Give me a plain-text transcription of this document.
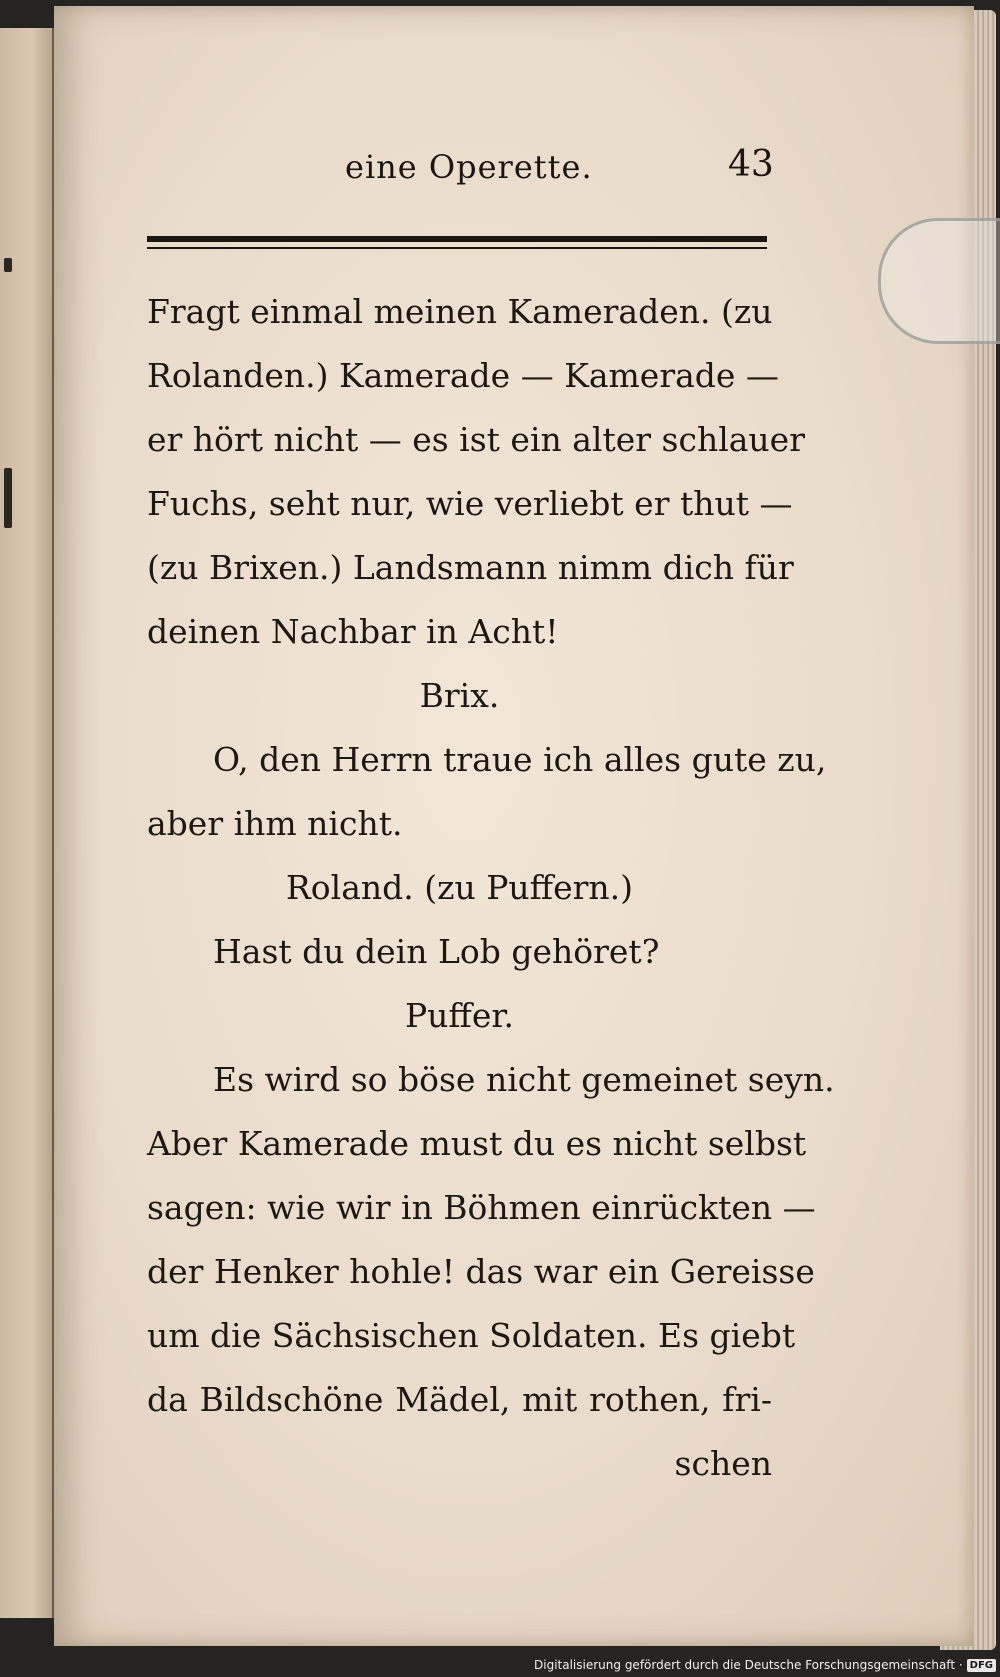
eine Operette.	43
Fragt einmal meinen Kameraden. (zu
Rolanden.) Kamerade — Kamerade —
er hört nicht — es ist ein alter schlauer
Fuchs, seht nur, wie verliebt er thut —
(zu Brixen.) Landsmann nimm dich für
deinen Nachbar in Acht!
Brix.
O, den Herrn traue ich alles gute zu,
aber ihm nicht.
Roland. (zu Puffern.)
Hast du dein Lob gehöret?
Puffer.
Es wird so böse nicht gemeinet seyn.
Aber Kamerade must du es nicht selbst
sagen: wie wir in Böhmen einrückten —
der Henker hohle! das war ein Gereisse
um die Sächsischen Soldaten. Es giebt
da Bildschöne Mädel, mit rothen, fri-
schen
Digitalisierung gefördert durch die Deutsche Forschungsgemeinschaft · DFG
